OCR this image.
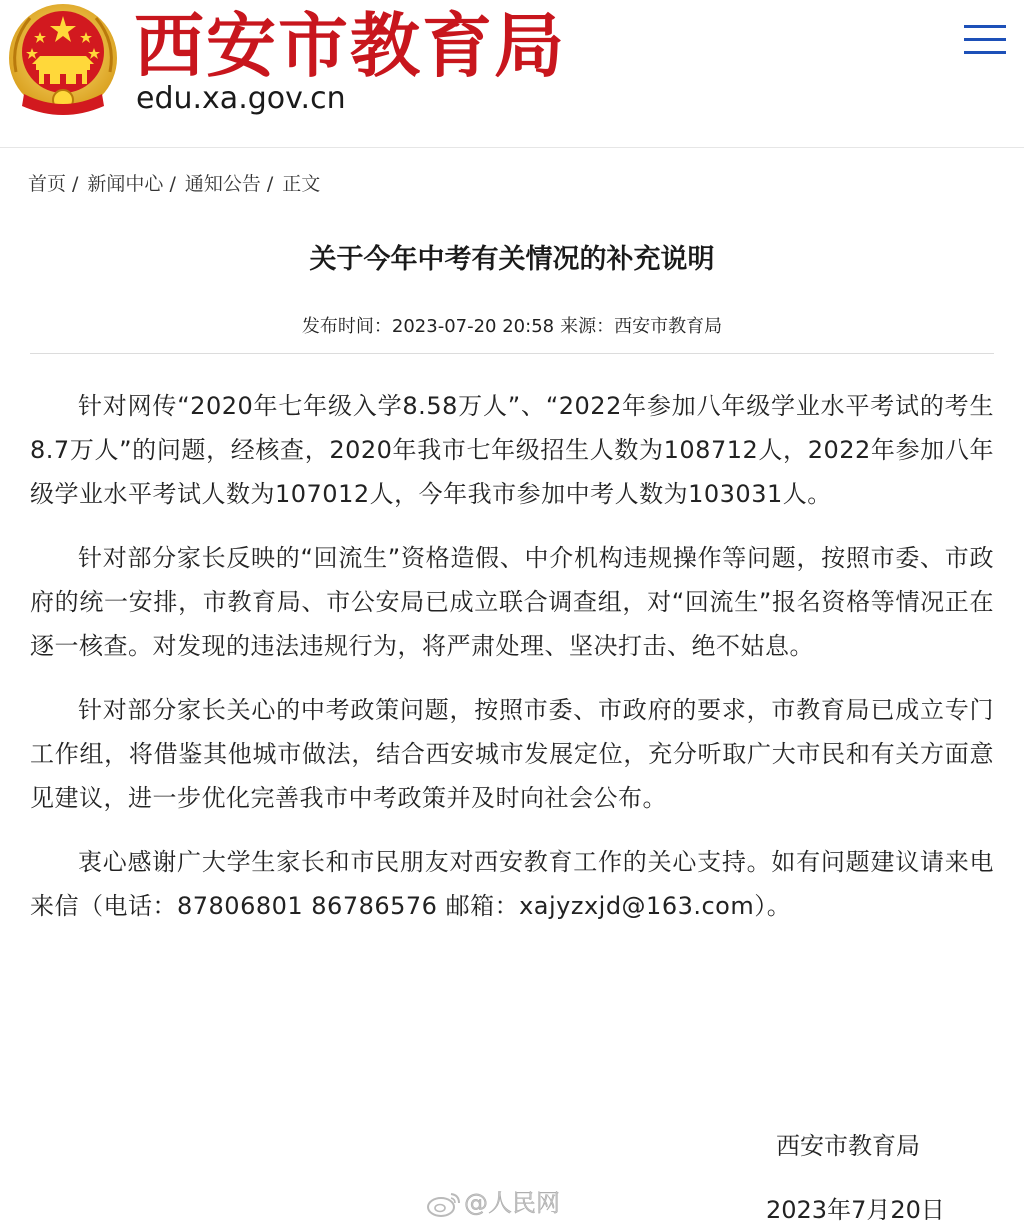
西安市教育局
edu.xa.gov.cn
首页 / 新闻中心 / 通知公告 / 正文
关于今年中考有关情况的补充说明
发布时间：2023-07-20 20:58 来源：西安市教育局

针对网传“2020年七年级入学8.58万人”、“2022年参加八年级学业水平考试的考生8.7万人”的问题，经核查，2020年我市七年级招生人数为108712人，2022年参加八年级学业水平考试人数为107012人，今年我市参加中考人数为103031人。

针对部分家长反映的“回流生”资格造假、中介机构违规操作等问题，按照市委、市政府的统一安排，市教育局、市公安局已成立联合调查组，对“回流生”报名资格等情况正在逐一核查。对发现的违法违规行为，将严肃处理、坚决打击、绝不姑息。

针对部分家长关心的中考政策问题，按照市委、市政府的要求，市教育局已成立专门工作组，将借鉴其他城市做法，结合西安城市发展定位，充分听取广大市民和有关方面意见建议，进一步优化完善我市中考政策并及时向社会公布。

衷心感谢广大学生家长和市民朋友对西安教育工作的关心支持。如有问题建议请来电来信（电话：87806801 86786576 邮箱：xajyzxjd@163.com）。

西安市教育局
2023年7月20日
@人民网
